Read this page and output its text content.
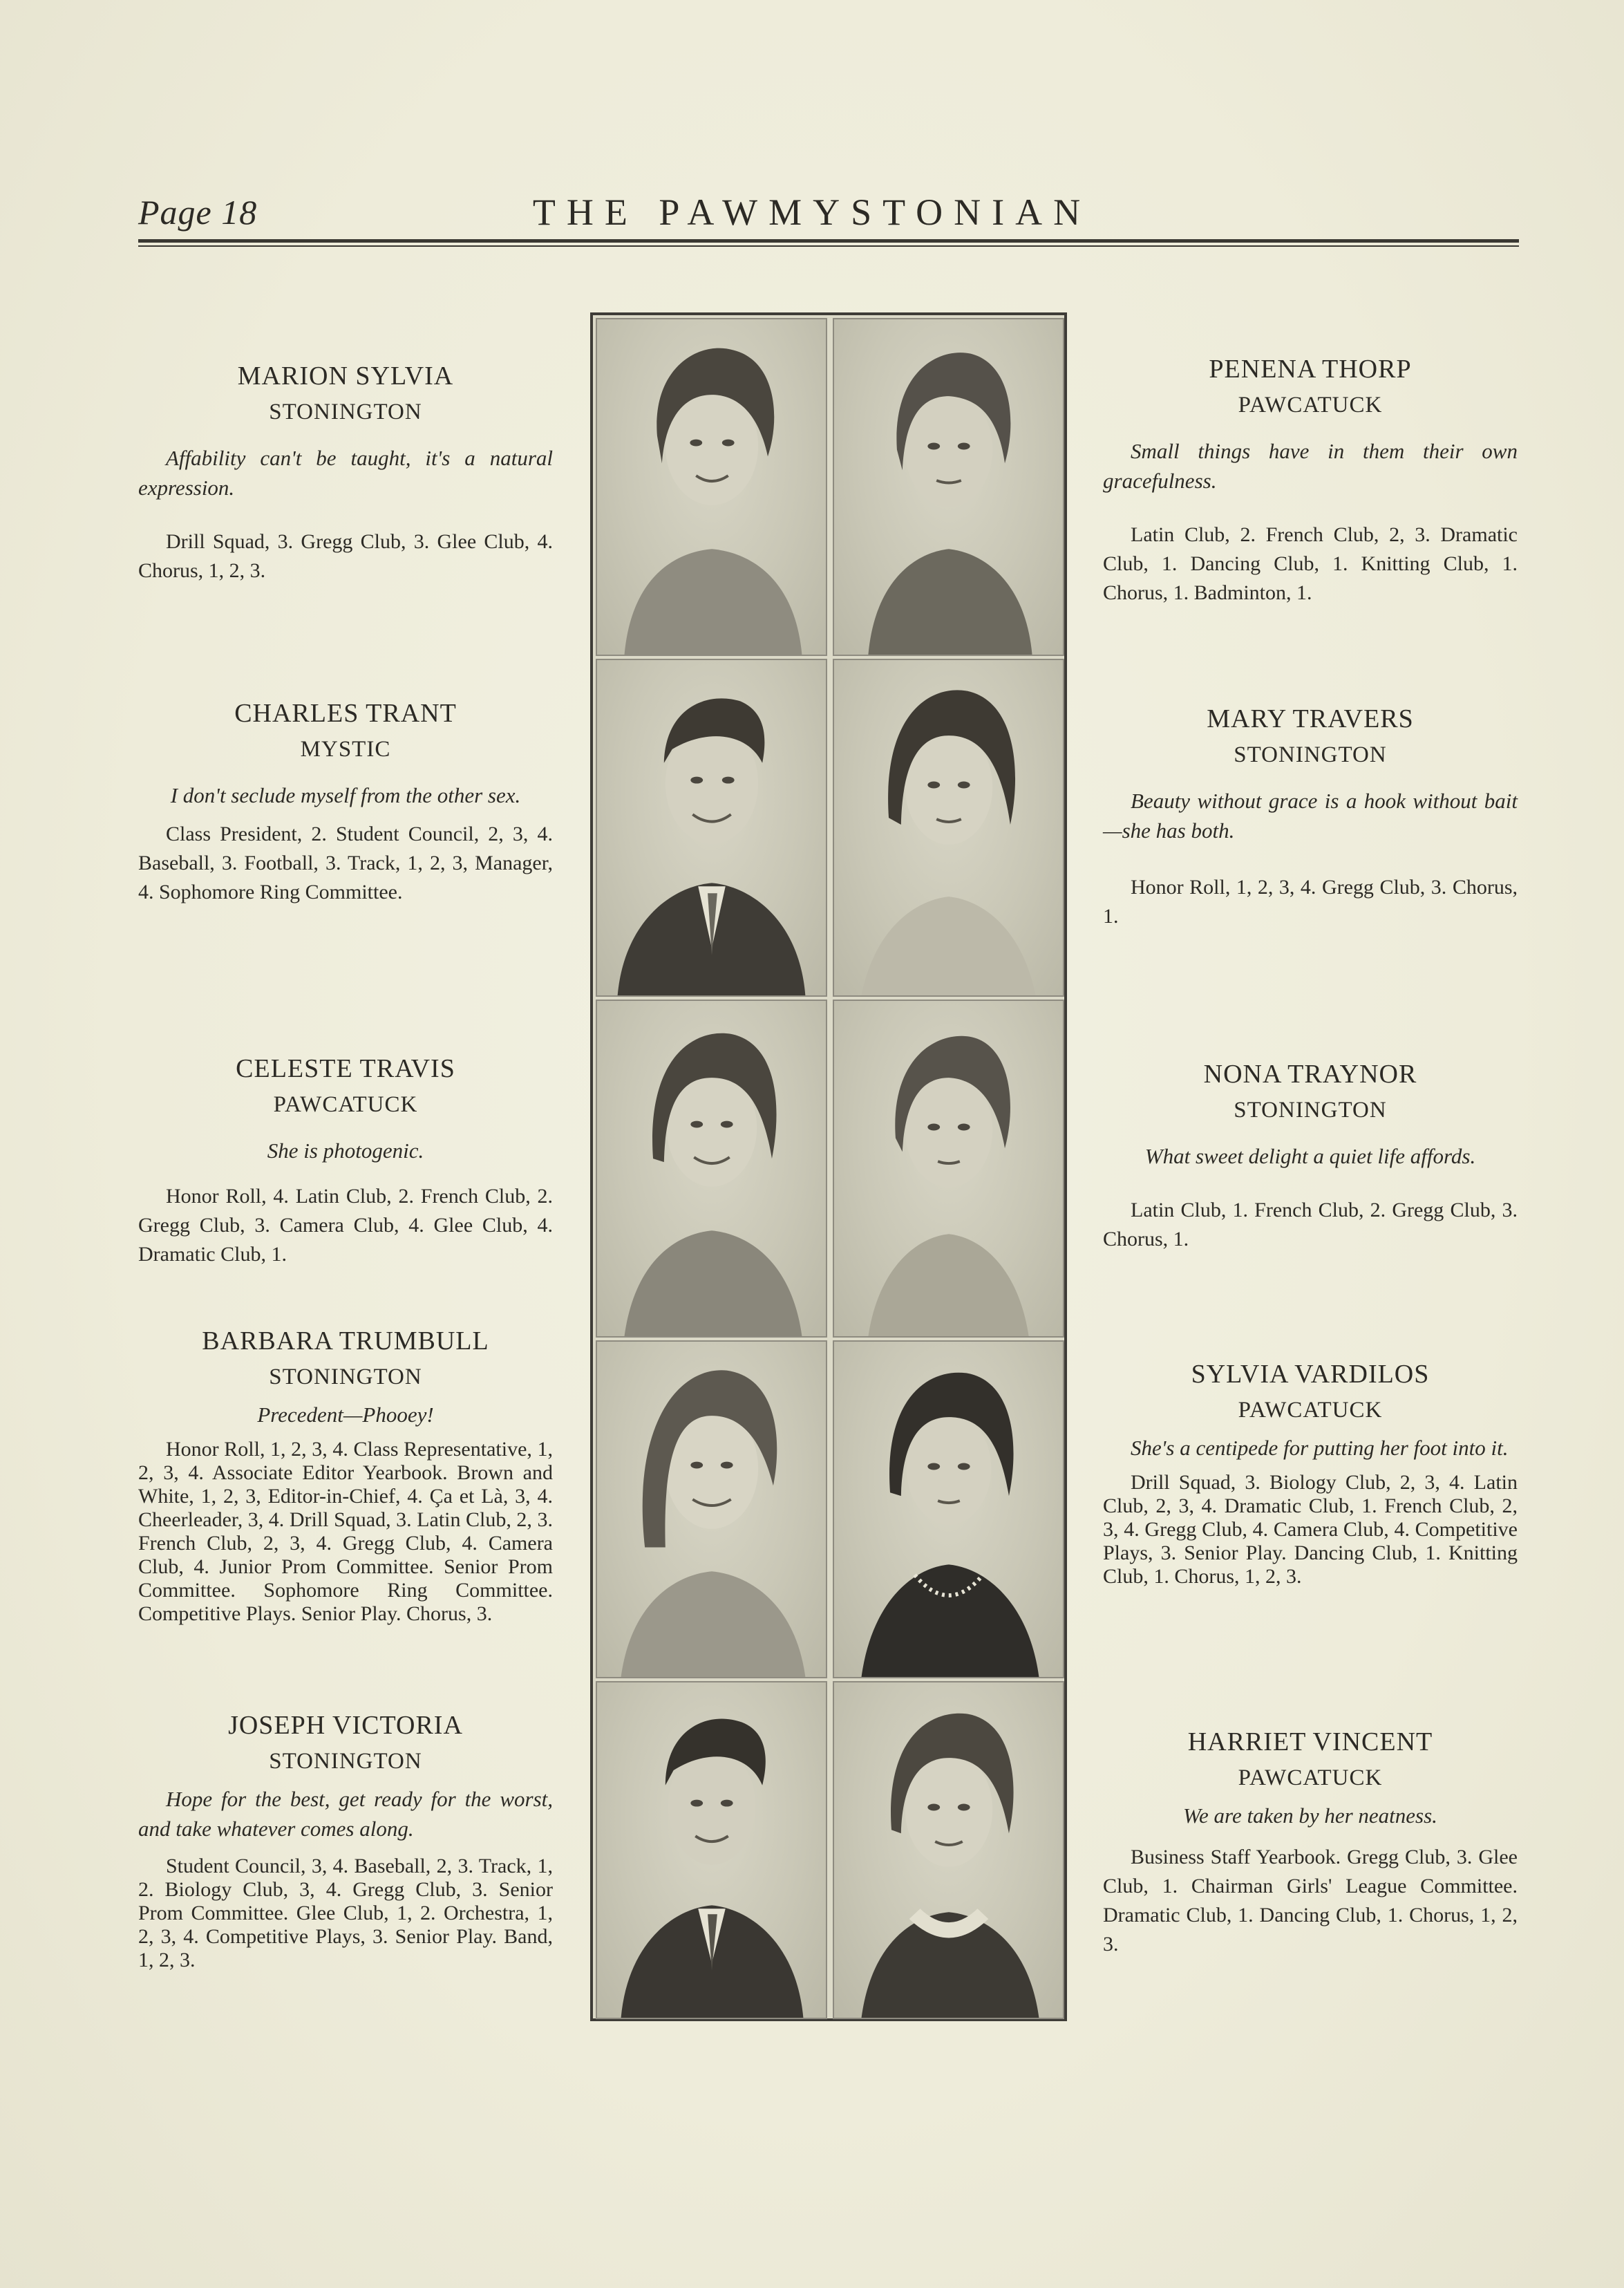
Page 18	THE PAWMYSTONIAN
MARION SYLVIA
STONINGTON
Affability can't be taught, it's a natural expression.
Drill Squad, 3. Gregg Club, 3. Glee Club, 4. Chorus, 1, 2, 3.
CHARLES TRANT
MYSTIC
I don't seclude myself from the other sex.
Class President, 2. Student Council, 2, 3, 4. Baseball, 3. Football, 3. Track, 1, 2, 3, Manager, 4. Sophomore Ring Committee.
CELESTE TRAVIS
PAWCATUCK
She is photogenic.
Honor Roll, 4. Latin Club, 2. French Club, 2. Gregg Club, 3. Camera Club, 4. Glee Club, 4. Dramatic Club, 1.
BARBARA TRUMBULL
STONINGTON
Precedent—Phooey!
Honor Roll, 1, 2, 3, 4. Class Representative, 1, 2, 3, 4. Associate Editor Yearbook. Brown and White, 1, 2, 3, Editor-in-Chief, 4. Ça et Là, 3, 4. Cheerleader, 3, 4. Drill Squad, 3. Latin Club, 2, 3. French Club, 2, 3, 4. Gregg Club, 4. Camera Club, 4. Junior Prom Committee. Senior Prom Committee. Sophomore Ring Committee. Competitive Plays. Senior Play. Chorus, 3.
JOSEPH VICTORIA
STONINGTON
Hope for the best, get ready for the worst, and take whatever comes along.
Student Council, 3, 4. Baseball, 2, 3. Track, 1, 2. Biology Club, 3, 4. Gregg Club, 3. Senior Prom Committee. Glee Club, 1, 2. Orchestra, 1, 2, 3, 4. Competitive Plays, 3. Senior Play. Band, 1, 2, 3.
PENENA THORP
PAWCATUCK
Small things have in them their own gracefulness.
Latin Club, 2. French Club, 2, 3. Dramatic Club, 1. Dancing Club, 1. Knitting Club, 1. Chorus, 1. Badminton, 1.
MARY TRAVERS
STONINGTON
Beauty without grace is a hook without bait—she has both.
Honor Roll, 1, 2, 3, 4. Gregg Club, 3. Chorus, 1.
NONA TRAYNOR
STONINGTON
What sweet delight a quiet life affords.
Latin Club, 1. French Club, 2. Gregg Club, 3. Chorus, 1.
SYLVIA VARDILOS
PAWCATUCK
She's a centipede for putting her foot into it.
Drill Squad, 3. Biology Club, 2, 3, 4. Latin Club, 2, 3, 4. Dramatic Club, 1. French Club, 2, 3, 4. Gregg Club, 4. Camera Club, 4. Competitive Plays, 3. Senior Play. Dancing Club, 1. Knitting Club, 1. Chorus, 1, 2, 3.
HARRIET VINCENT
PAWCATUCK
We are taken by her neatness.
Business Staff Yearbook. Gregg Club, 3. Glee Club, 1. Chairman Girls' League Committee. Dramatic Club, 1. Dancing Club, 1. Chorus, 1, 2, 3.
